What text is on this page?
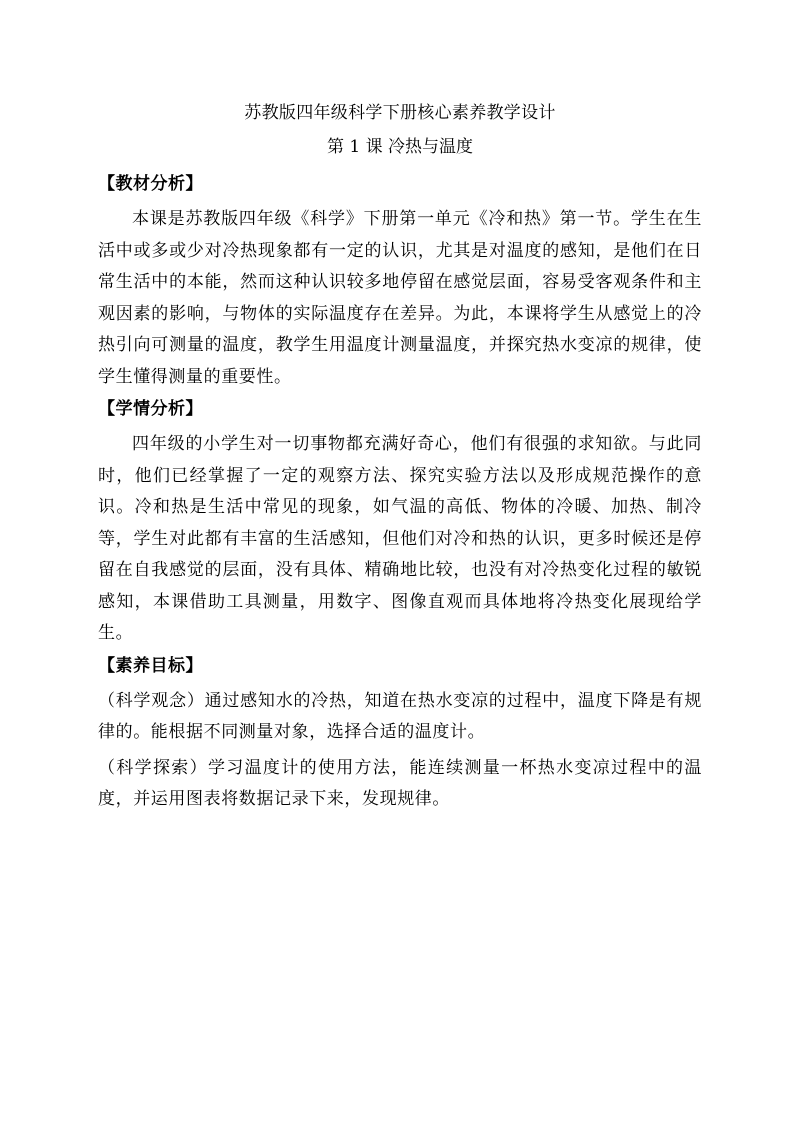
苏教版四年级科学下册核心素养教学设计

第 1 课 冷热与温度

【教材分析】

本课是苏教版四年级《科学》下册第一单元《冷和热》第一节。学生在生活中或多或少对冷热现象都有一定的认识，尤其是对温度的感知，是他们在日常生活中的本能，然而这种认识较多地停留在感觉层面，容易受客观条件和主观因素的影响，与物体的实际温度存在差异。为此，本课将学生从感觉上的冷热引向可测量的温度，教学生用温度计测量温度，并探究热水变凉的规律，使学生懂得测量的重要性。

【学情分析】

四年级的小学生对一切事物都充满好奇心，他们有很强的求知欲。与此同时，他们已经掌握了一定的观察方法、探究实验方法以及形成规范操作的意识。冷和热是生活中常见的现象，如气温的高低、物体的冷暖、加热、制冷等，学生对此都有丰富的生活感知，但他们对冷和热的认识，更多时候还是停留在自我感觉的层面，没有具体、精确地比较，也没有对冷热变化过程的敏锐感知，本课借助工具测量，用数字、图像直观而具体地将冷热变化展现给学生。

【素养目标】

（科学观念）通过感知水的冷热，知道在热水变凉的过程中，温度下降是有规律的。能根据不同测量对象，选择合适的温度计。

（科学探索）学习温度计的使用方法，能连续测量一杯热水变凉过程中的温度，并运用图表将数据记录下来，发现规律。
